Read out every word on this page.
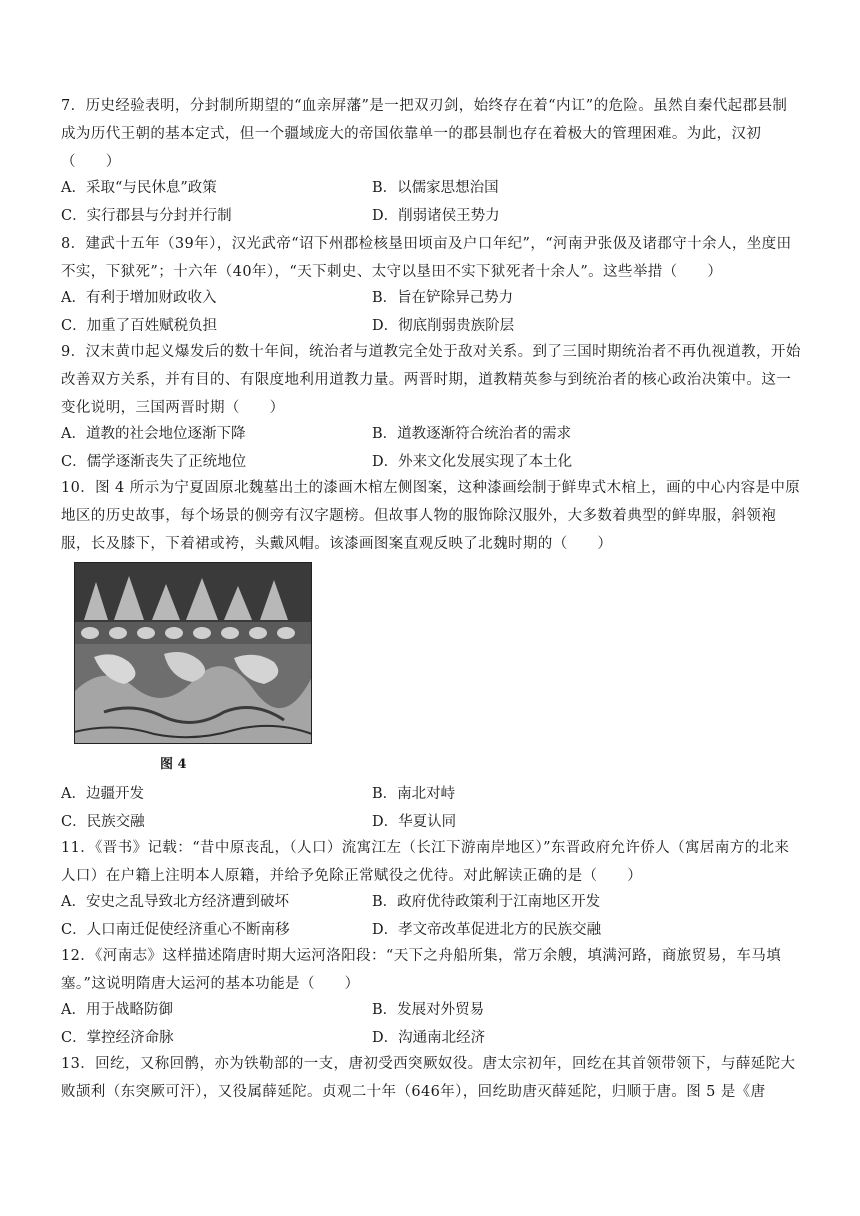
7．历史经验表明，分封制所期望的“血亲屏藩”是一把双刃剑，始终存在着“内讧”的危险。虽然自秦代起郡县制成为历代王朝的基本定式，但一个疆域庞大的帝国依靠单一的郡县制也存在着极大的管理困难。为此，汉初（　　）

A．采取“与民休息”政策	B．以儒家思想治国
C．实行郡县与分封并行制	D．削弱诸侯王势力

8．建武十五年（39年），汉光武帝“诏下州郡检核垦田顷亩及户口年纪”，“河南尹张伋及诸郡守十余人，坐度田不实，下狱死”；十六年（40年），“天下刺史、太守以垦田不实下狱死者十余人”。这些举措（　　）

A．有利于增加财政收入	B．旨在铲除异己势力
C．加重了百姓赋税负担	D．彻底削弱贵族阶层

9．汉末黄巾起义爆发后的数十年间，统治者与道教完全处于敌对关系。到了三国时期统治者不再仇视道教，开始改善双方关系，并有目的、有限度地利用道教力量。两晋时期，道教精英参与到统治者的核心政治决策中。这一变化说明，三国两晋时期（　　）

A．道教的社会地位逐渐下降	B．道教逐渐符合统治者的需求
C．儒学逐渐丧失了正统地位	D．外来文化发展实现了本土化

10．图 4 所示为宁夏固原北魏墓出土的漆画木棺左侧图案，这种漆画绘制于鲜卑式木棺上，画的中心内容是中原地区的历史故事，每个场景的侧旁有汉字题榜。但故事人物的服饰除汉服外，大多数着典型的鲜卑服，斜领袍服，长及膝下，下着裙或袴，头戴风帽。该漆画图案直观反映了北魏时期的（　　）

图 4
A．边疆开发	B．南北对峙
C．民族交融	D．华夏认同

11．《晋书》记载：“昔中原丧乱，（人口）流寓江左（长江下游南岸地区）”东晋政府允许侨人（寓居南方的北来人口）在户籍上注明本人原籍，并给予免除正常赋役之优待。对此解读正确的是（　　）

A．安史之乱导致北方经济遭到破坏	B．政府优待政策利于江南地区开发
C．人口南迁促使经济重心不断南移	D．孝文帝改革促进北方的民族交融

12．《河南志》这样描述隋唐时期大运河洛阳段：“天下之舟船所集，常万余艘，填满河路，商旅贸易，车马填塞。”这说明隋唐大运河的基本功能是（　　）

A．用于战略防御	B．发展对外贸易
C．掌控经济命脉	D．沟通南北经济

13．回纥，又称回鹘，亦为铁勒部的一支，唐初受西突厥奴役。唐太宗初年，回纥在其首领带领下，与薛延陀大败颉利（东突厥可汗），又役属薛延陀。贞观二十年（646年），回纥助唐灭薛延陀，归顺于唐。图 5 是《唐
